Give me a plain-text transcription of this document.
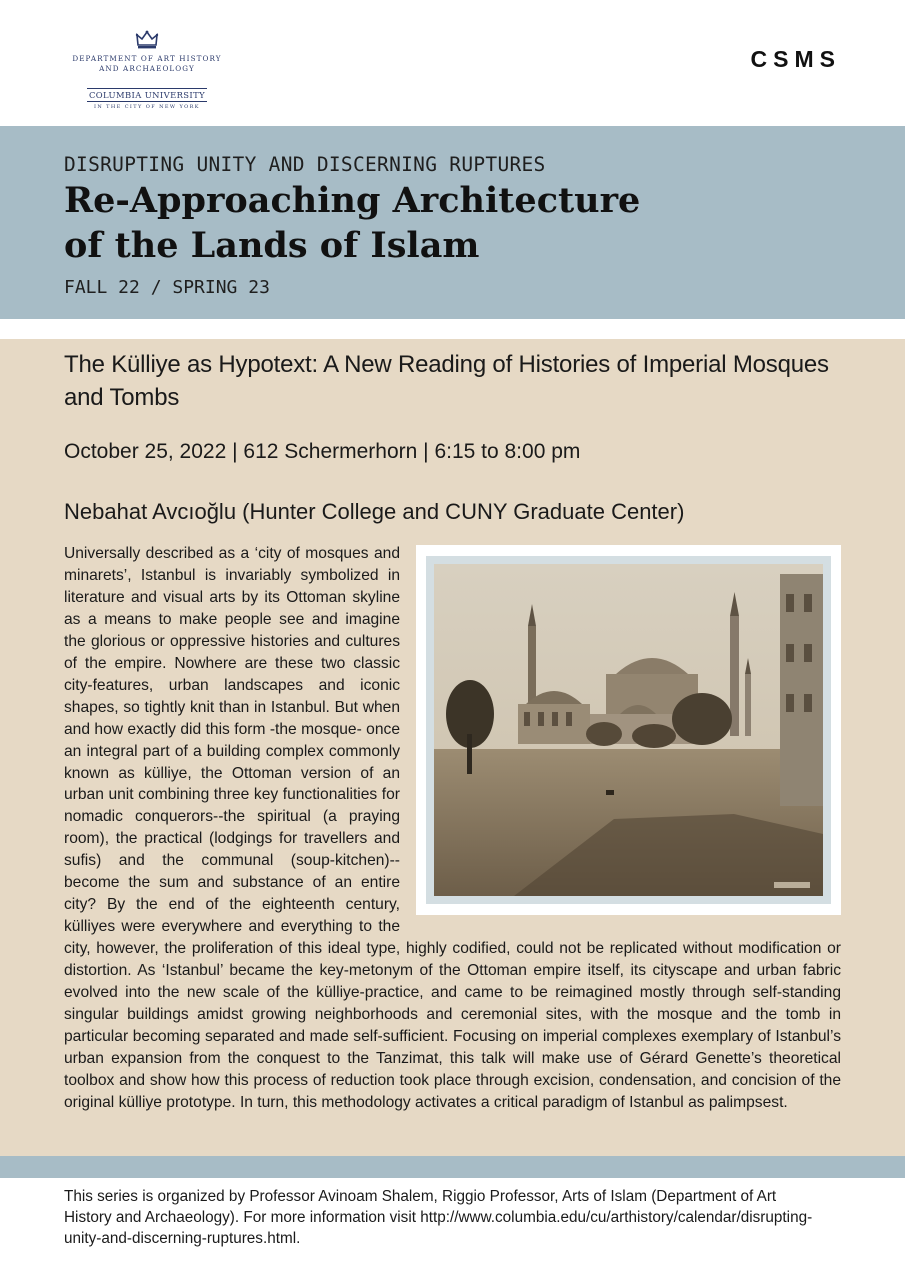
DEPARTMENT OF ART HISTORY AND ARCHAEOLOGY
COLUMBIA UNIVERSITY
IN THE CITY OF NEW YORK
CSMS
DISRUPTING UNITY AND DISCERNING RUPTURES
Re-Approaching Architecture
of the Lands of Islam
FALL 22 / SPRING 23
The Külliye as Hypotext: A New Reading of Histories of Imperial Mosques and Tombs
October 25, 2022 | 612 Schermerhorn | 6:15 to 8:00 pm
Nebahat Avcıoğlu (Hunter College and CUNY Graduate Center)
Universally described as a ‘city of mosques and minarets’, Istanbul is invariably symbolized in literature and visual arts by its Ottoman skyline as a means to make people see and imagine the glorious or oppressive histories and cultures of the empire. Nowhere are these two classic city-features, urban landscapes and iconic shapes, so tightly knit than in Istanbul. But when and how exactly did this form -the mosque- once an integral part of a building complex commonly known as külliye, the Ottoman version of an urban unit combining three key functionalities for nomadic conquerors--the spiritual (a praying room), the practical (lodgings for travellers and sufis) and the communal (soup-kitchen)--become the sum and substance of an entire city? By the end of the eighteenth century, külliyes were everywhere and everything to the city, however, the proliferation of this ideal type, highly codified, could not be replicated without modification or distortion. As ‘Istanbul’ became the key-metonym of the Ottoman empire itself, its cityscape and urban fabric evolved into the new scale of the külliye-practice, and came to be reimagined mostly through self-standing singular buildings amidst growing neighborhoods and ceremonial sites, with the mosque and the tomb in particular becoming separated and made self-sufficient. Focusing on imperial complexes exemplary of Istanbul’s urban expansion from the conquest to the Tanzimat, this talk will make use of Gérard Genette’s theoretical toolbox and show how this process of reduction took place through excision, condensation, and concision of the original külliye prototype. In turn, this methodology activates a critical paradigm of Istanbul as palimpsest.

This series is organized by Professor Avinoam Shalem, Riggio Professor, Arts of Islam (Department of Art History and Archaeology). For more information visit http://www.columbia.edu/cu/arthistory/calendar/disrupting-unity-and-discerning-ruptures.html.
